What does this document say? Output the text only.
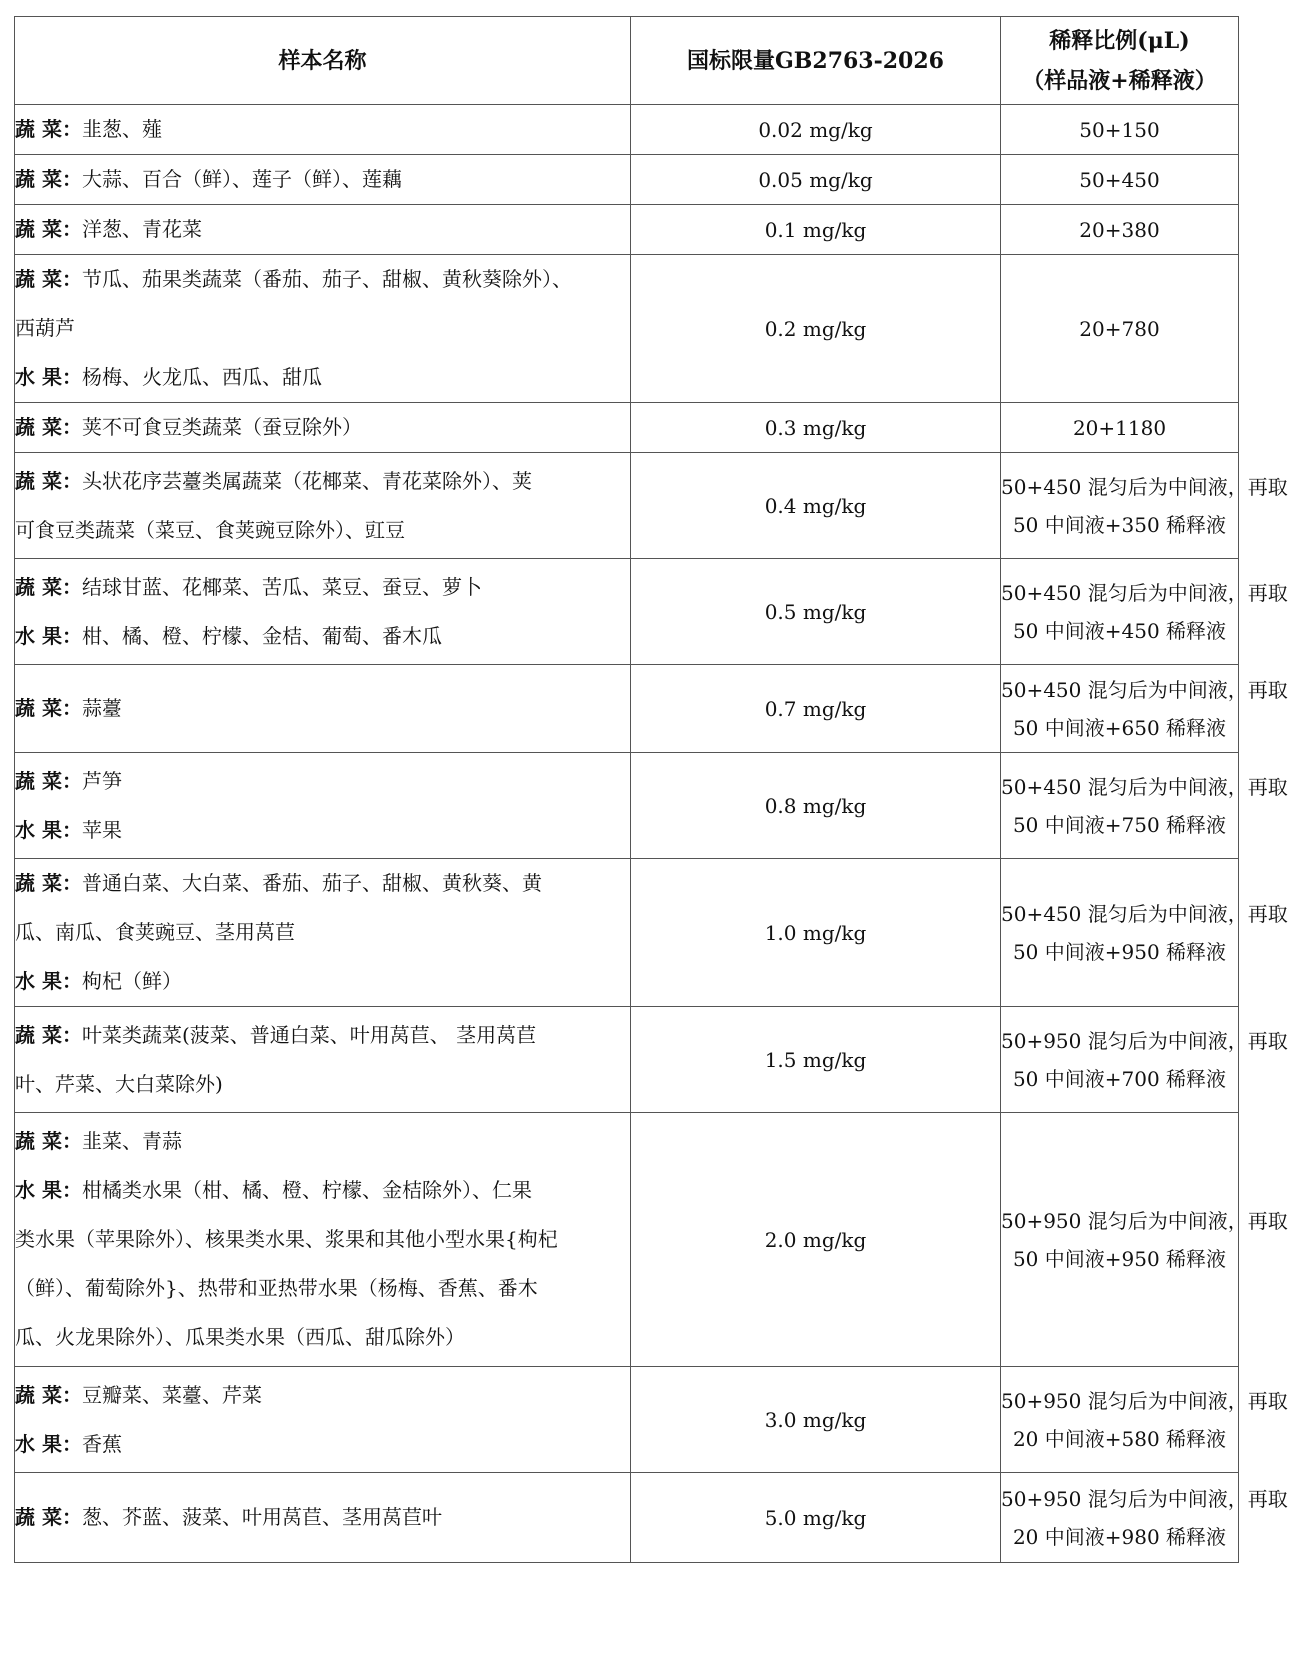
样本名称	国标限量GB2763-2026	稀释比例(μL)
（样品液+稀释液）

蔬 菜：韭葱、薤	0.02 mg/kg	50+150

蔬 菜：大蒜、百合（鲜）、莲子（鲜）、莲藕	0.05 mg/kg	50+450

蔬 菜：洋葱、青花菜	0.1 mg/kg	20+380

蔬 菜：节瓜、茄果类蔬菜（番茄、茄子、甜椒、黄秋葵除外）、
西葫芦
水 果：杨梅、火龙瓜、西瓜、甜瓜	0.2 mg/kg	20+780

蔬 菜：荚不可食豆类蔬菜（蚕豆除外）	0.3 mg/kg	20+1180

蔬 菜：头状花序芸薹类属蔬菜（花椰菜、青花菜除外）、荚
可食豆类蔬菜（菜豆、食荚豌豆除外）、豇豆	0.4 mg/kg	50+450 混匀后为中间液，再取
50 中间液+350 稀释液

蔬 菜：结球甘蓝、花椰菜、苦瓜、菜豆、蚕豆、萝卜
水 果：柑、橘、橙、柠檬、金桔、葡萄、番木瓜	0.5 mg/kg	50+450 混匀后为中间液，再取
50 中间液+450 稀释液

蔬 菜：蒜薹	0.7 mg/kg	50+450 混匀后为中间液，再取
50 中间液+650 稀释液

蔬 菜：芦笋
水 果：苹果	0.8 mg/kg	50+450 混匀后为中间液，再取
50 中间液+750 稀释液

蔬 菜：普通白菜、大白菜、番茄、茄子、甜椒、黄秋葵、黄
瓜、南瓜、食荚豌豆、茎用莴苣
水 果：枸杞（鲜）	1.0 mg/kg	50+450 混匀后为中间液，再取
50 中间液+950 稀释液

蔬 菜：叶菜类蔬菜(菠菜、普通白菜、叶用莴苣、 茎用莴苣
叶、芹菜、大白菜除外)	1.5 mg/kg	50+950 混匀后为中间液，再取
50 中间液+700 稀释液

蔬 菜：韭菜、青蒜
水 果：柑橘类水果（柑、橘、橙、柠檬、金桔除外）、仁果
类水果（苹果除外）、核果类水果、浆果和其他小型水果{枸杞
（鲜）、葡萄除外}、热带和亚热带水果（杨梅、香蕉、番木
瓜、火龙果除外）、瓜果类水果（西瓜、甜瓜除外）	2.0 mg/kg	50+950 混匀后为中间液，再取
50 中间液+950 稀释液

蔬 菜：豆瓣菜、菜薹、芹菜
水 果：香蕉	3.0 mg/kg	50+950 混匀后为中间液，再取
20 中间液+580 稀释液

蔬 菜：葱、芥蓝、菠菜、叶用莴苣、茎用莴苣叶	5.0 mg/kg	50+950 混匀后为中间液，再取
20 中间液+980 稀释液
